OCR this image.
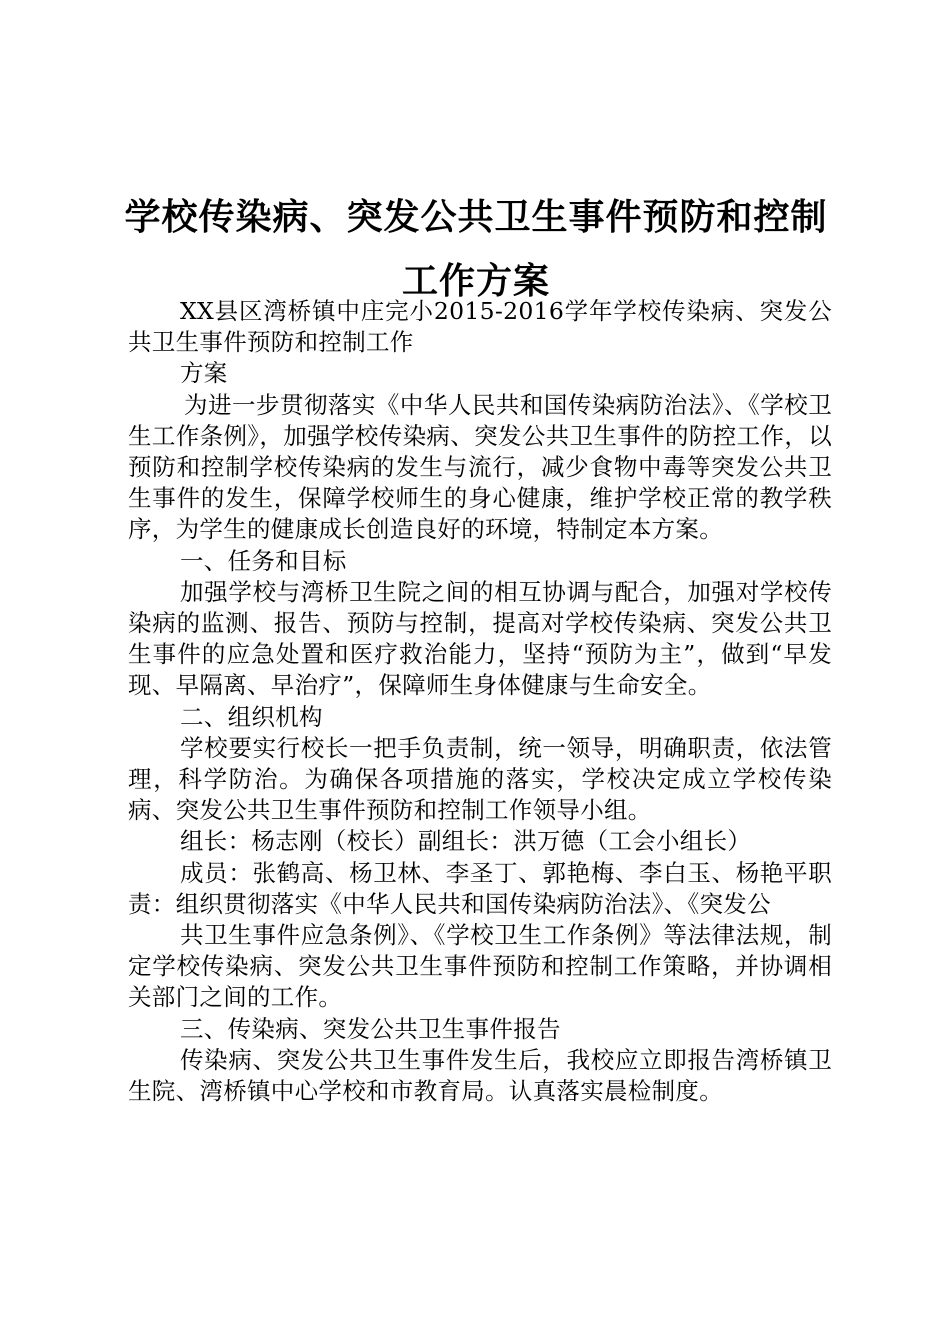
学校传染病、突发公共卫生事件预防和控制工作方案

XX县区湾桥镇中庄完小2015-2016学年学校传染病、突发公共卫生事件预防和控制工作

方案

为进一步贯彻落实《中华人民共和国传染病防治法》、《学校卫生工作条例》，加强学校传染病、突发公共卫生事件的防控工作，以预防和控制学校传染病的发生与流行，减少食物中毒等突发公共卫生事件的发生，保障学校师生的身心健康，维护学校正常的教学秩序，为学生的健康成长创造良好的环境，特制定本方案。

一、任务和目标

加强学校与湾桥卫生院之间的相互协调与配合，加强对学校传染病的监测、报告、预防与控制，提高对学校传染病、突发公共卫生事件的应急处置和医疗救治能力，坚持“预防为主”，做到“早发现、早隔离、早治疗”，保障师生身体健康与生命安全。

二、组织机构

学校要实行校长一把手负责制，统一领导，明确职责，依法管理，科学防治。为确保各项措施的落实，学校决定成立学校传染病、突发公共卫生事件预防和控制工作领导小组。

组长：杨志刚（校长）副组长：洪万德（工会小组长）

成员：张鹤高、杨卫林、李圣丁、郭艳梅、李白玉、杨艳平职责：组织贯彻落实《中华人民共和国传染病防治法》、《突发公

共卫生事件应急条例》、《学校卫生工作条例》等法律法规，制定学校传染病、突发公共卫生事件预防和控制工作策略，并协调相关部门之间的工作。

三、传染病、突发公共卫生事件报告

传染病、突发公共卫生事件发生后，我校应立即报告湾桥镇卫生院、湾桥镇中心学校和市教育局。认真落实晨检制度。
